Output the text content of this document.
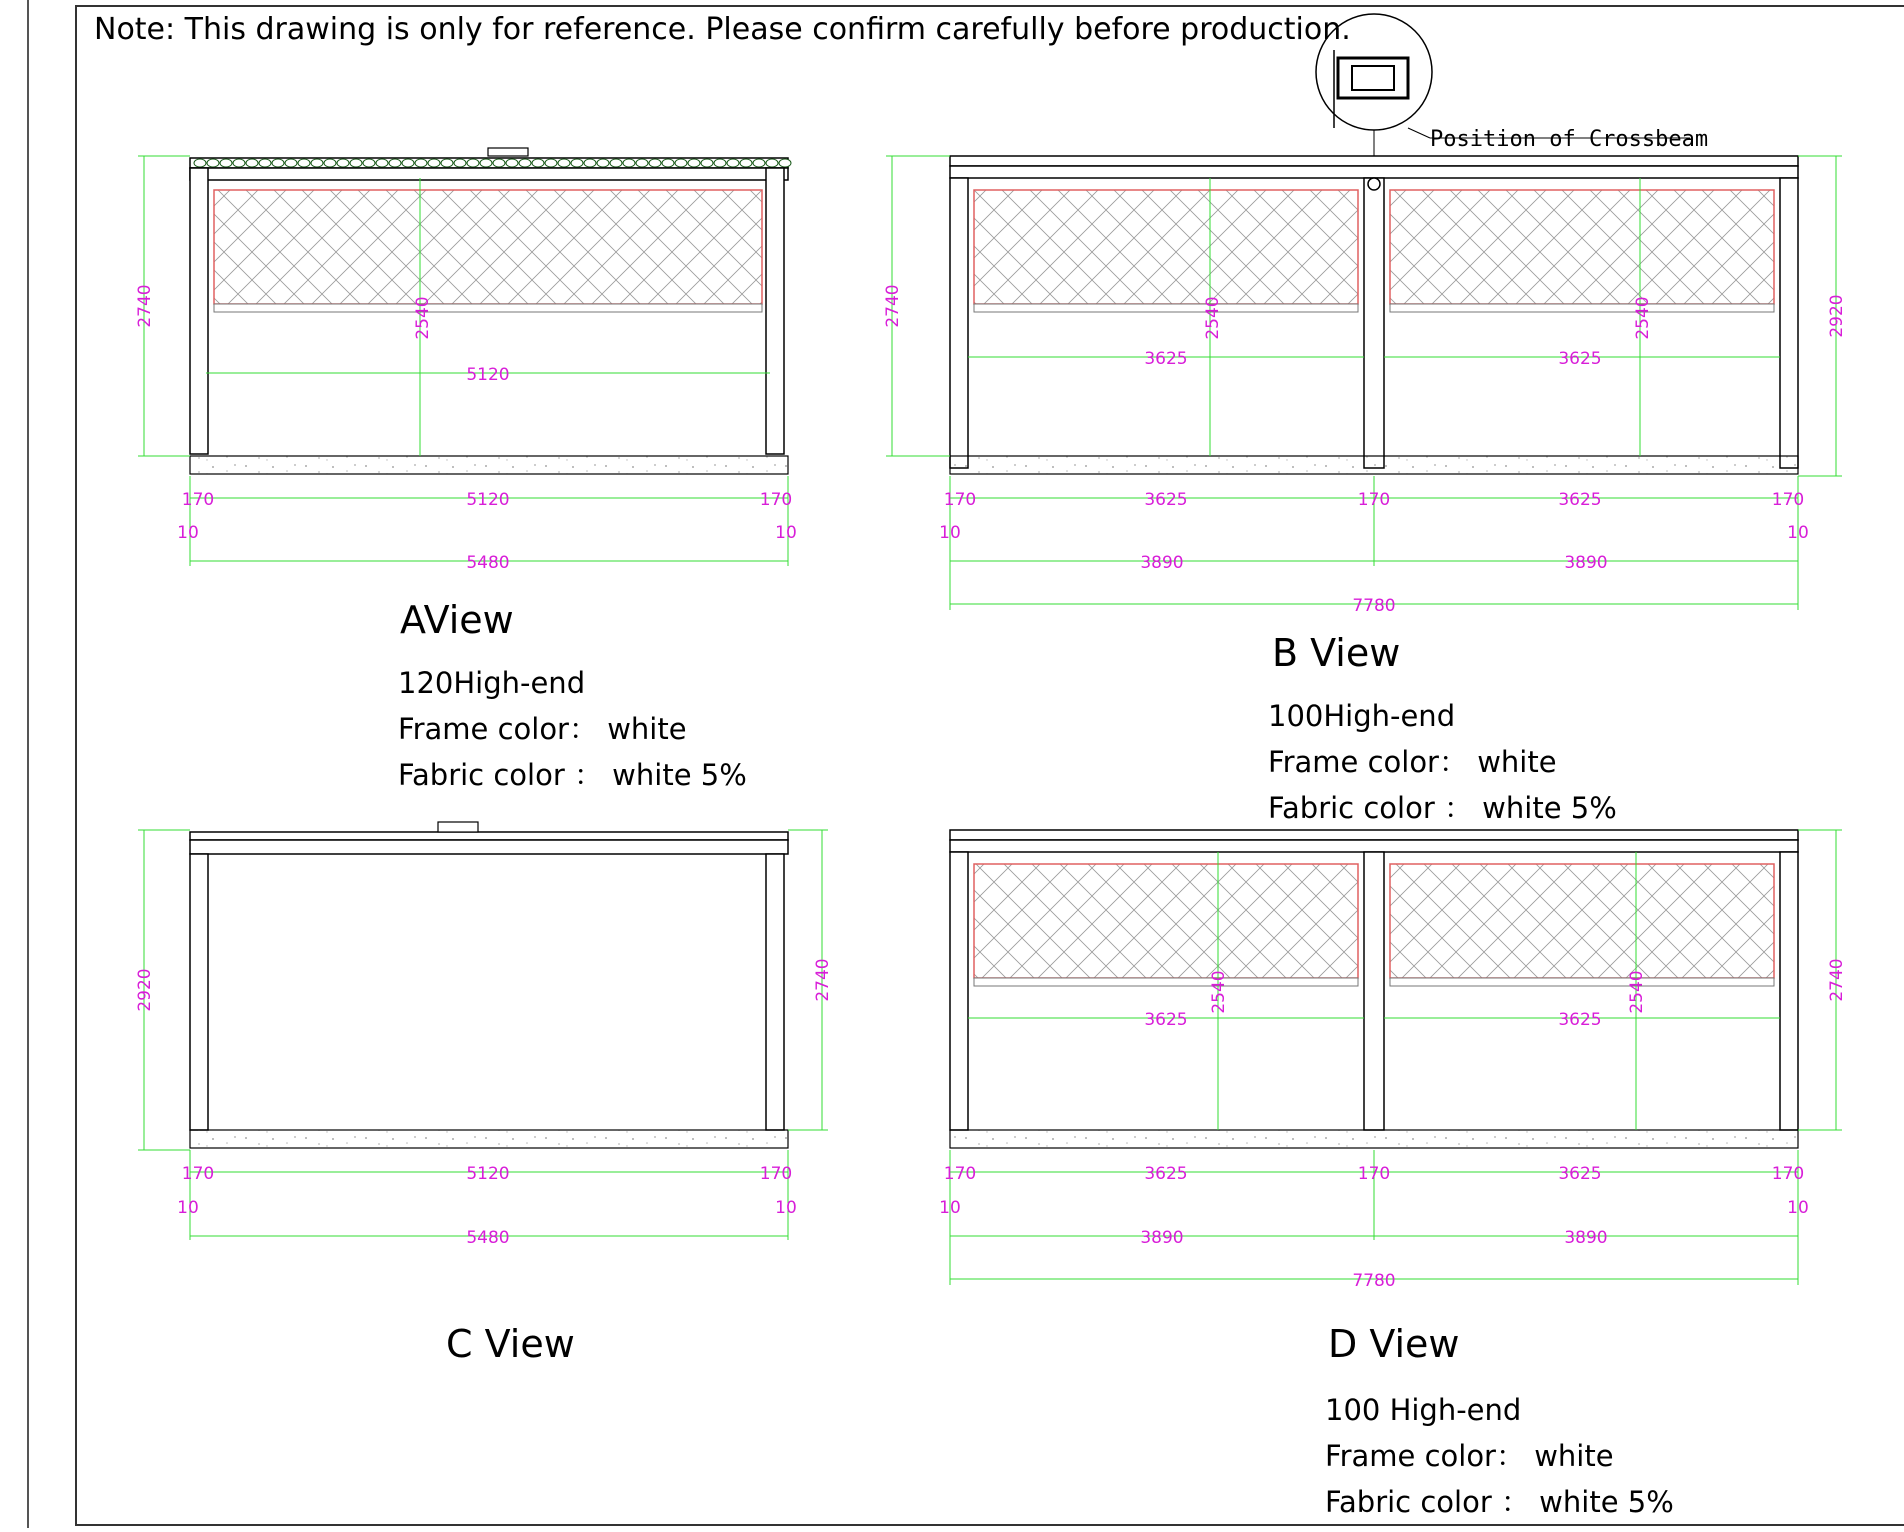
2740	2540
5120
170	5120	170
10	10
5480
Position of Crossbeam
2740	2540	2540	2920
3625	3625
170	3625	170	3625	170
10	10
3890	3890
7780
2920	2740
170	5120	170
10	10
5480
2540	2540	2740
3625	3625
170	3625	170	3625	170
10	10
3890	3890
7780
Note: This drawing is only for reference. Please confirm carefully before production.
AView
120High-end
Frame color： white
Fabric color ： white 5%
B View
100High-end
Frame color： white
Fabric color ： white 5%
C View	D View
100 High-end
Frame color： white
Fabric color ： white 5%
